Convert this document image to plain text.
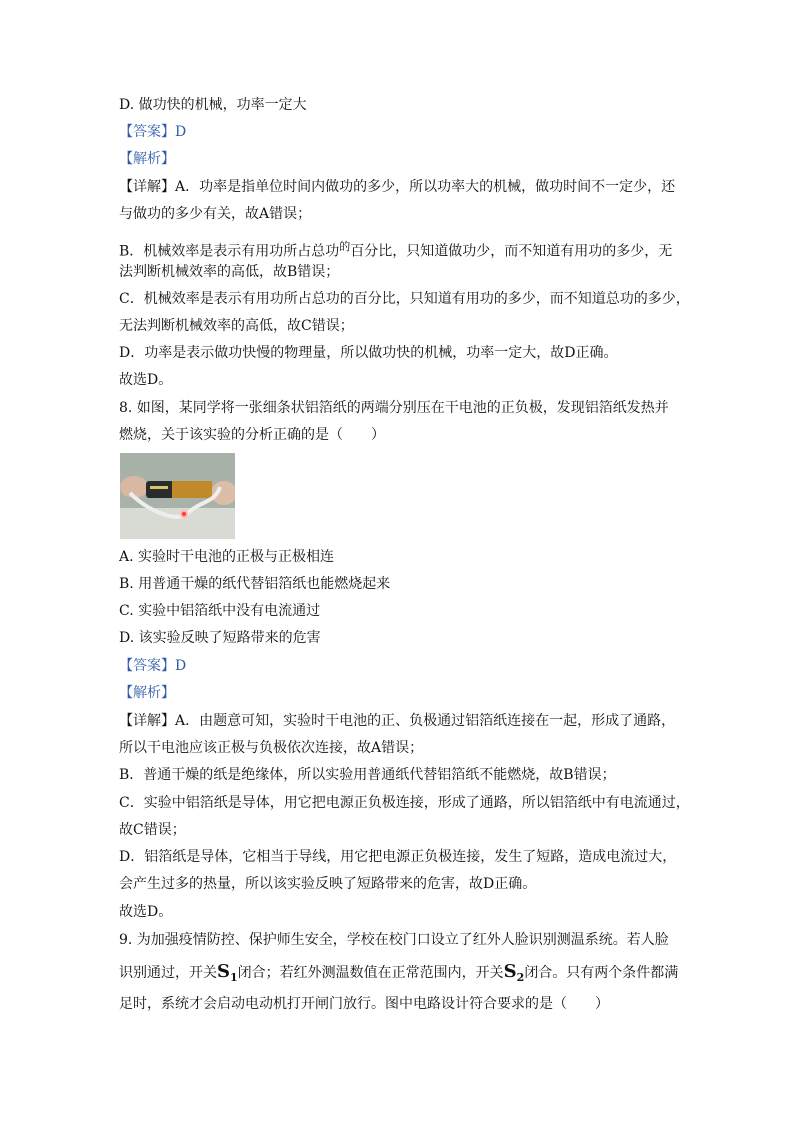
D. 做功快的机械，功率一定大
【答案】D
【解析】
【详解】A．功率是指单位时间内做功的多少，所以功率大的机械，做功时间不一定少，还
与做功的多少有关，故A错误；
B．机械效率是表示有用功所占总功$^的$百分比，只知道做功少，而不知道有用功的多少，无
法判断机械效率的高低，故B错误；
C．机械效率是表示有用功所占总功的百分比，只知道有用功的多少，而不知道总功的多少，
无法判断机械效率的高低，故C错误；
D．功率是表示做功快慢的物理量，所以做功快的机械，功率一定大，故D正确。
故选D。
8. 如图，某同学将一张细条状铝箔纸的两端分别压在干电池的正负极，发现铝箔纸发热并
燃烧，关于该实验的分析正确的是（　　）
A. 实验时干电池的正极与正极相连
B. 用普通干燥的纸代替铝箔纸也能燃烧起来
C. 实验中铝箔纸中没有电流通过
D. 该实验反映了短路带来的危害
【答案】D
【解析】
【详解】A．由题意可知，实验时干电池的正、负极通过铝箔纸连接在一起，形成了通路，
所以干电池应该正极与负极依次连接，故A错误；
B．普通干燥的纸是绝缘体，所以实验用普通纸代替铝箔纸不能燃烧，故B错误；
C．实验中铝箔纸是导体，用它把电源正负极连接，形成了通路，所以铝箔纸中有电流通过，
故C错误；
D．铝箔纸是导体，它相当于导线，用它把电源正负极连接，发生了短路，造成电流过大，
会产生过多的热量，所以该实验反映了短路带来的危害，故D正确。
故选D。
9. 为加强疫情防控、保护师生安全，学校在校门口设立了红外人脸识别测温系统。若人脸
识别通过，开关$S_1$闭合；若红外测温数值在正常范围内，开关$S_2$闭合。只有两个条件都满
足时，系统才会启动电动机打开闸门放行。图中电路设计符合要求的是（　　）
